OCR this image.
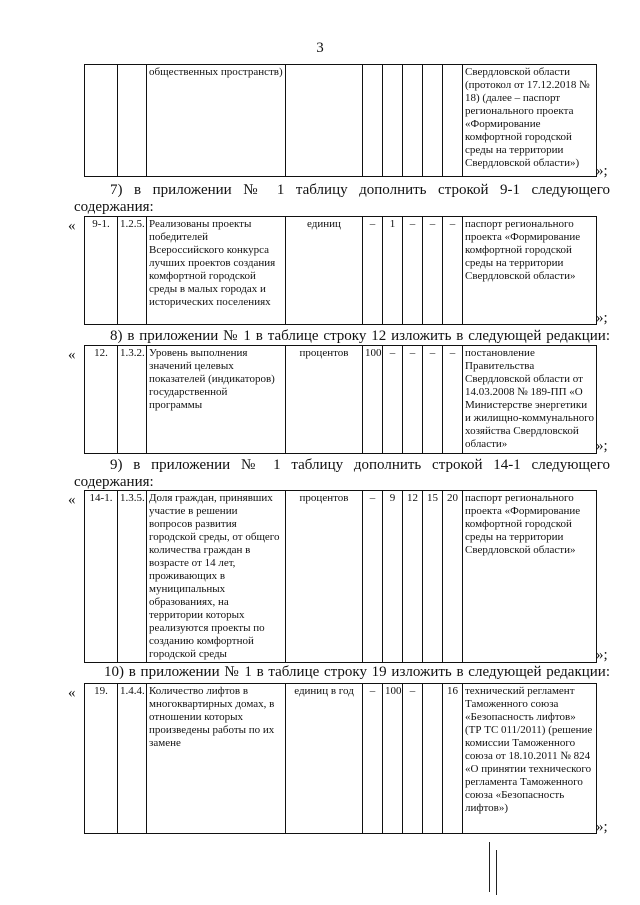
3
		общественных пространств)							Свердловской области (протокол от 17.12.2018 № 18) (далее – паспорт регионального проекта «Формирование комфортной городской среды на территории Свердловской области») »;
7) в приложении № 1 таблицу дополнить строкой 9-1 следующего
содержания:
« 9-1.	1.2.5.	Реализованы проекты победителей Всероссийского конкурса лучших проектов создания комфортной городской среды в малых городах и исторических поселениях	единиц	–	1	–	–	–	паспорт регионального проекта «Формирование комфортной городской среды на территории Свердловской области»
»;
8) в приложении № 1 в таблице строку 12 изложить в следующей редакции:
« 12.	1.3.2.	Уровень выполнения значений целевых показателей (индикаторов) государственной программы	процентов	100	–	–	–	–	постановление Правительства Свердловской области от 14.03.2008 № 189-ПП «О Министерстве энергетики и жилищно-коммунального хозяйства Свердловской области»	»;
9) в приложении № 1 таблицу дополнить строкой 14-1 следующего
содержания:
« 14-1.	1.3.5.	Доля граждан, принявших участие в решении вопросов развития городской среды, от общего количества граждан в возрасте от 14 лет, проживающих в муниципальных образованиях, на территории которых реализуются проекты по созданию комфортной городской среды	процентов	–	9	12	15	20	паспорт регионального проекта «Формирование комфортной городской среды на территории Свердловской области»
»;
10) в приложении № 1 в таблице строку 19 изложить в следующей редакции:
« 19.	1.4.4.	Количество лифтов в многоквартирных домах, в отношении которых произведены работы по их замене	единиц в год	–	100	–		16	технический регламент Таможенного союза «Безопасность лифтов» (ТР ТС 011/2011) (решение комиссии Таможенного союза от 18.10.2011 № 824 «О принятии технического регламента Таможенного союза «Безопасность лифтов»)
»;
